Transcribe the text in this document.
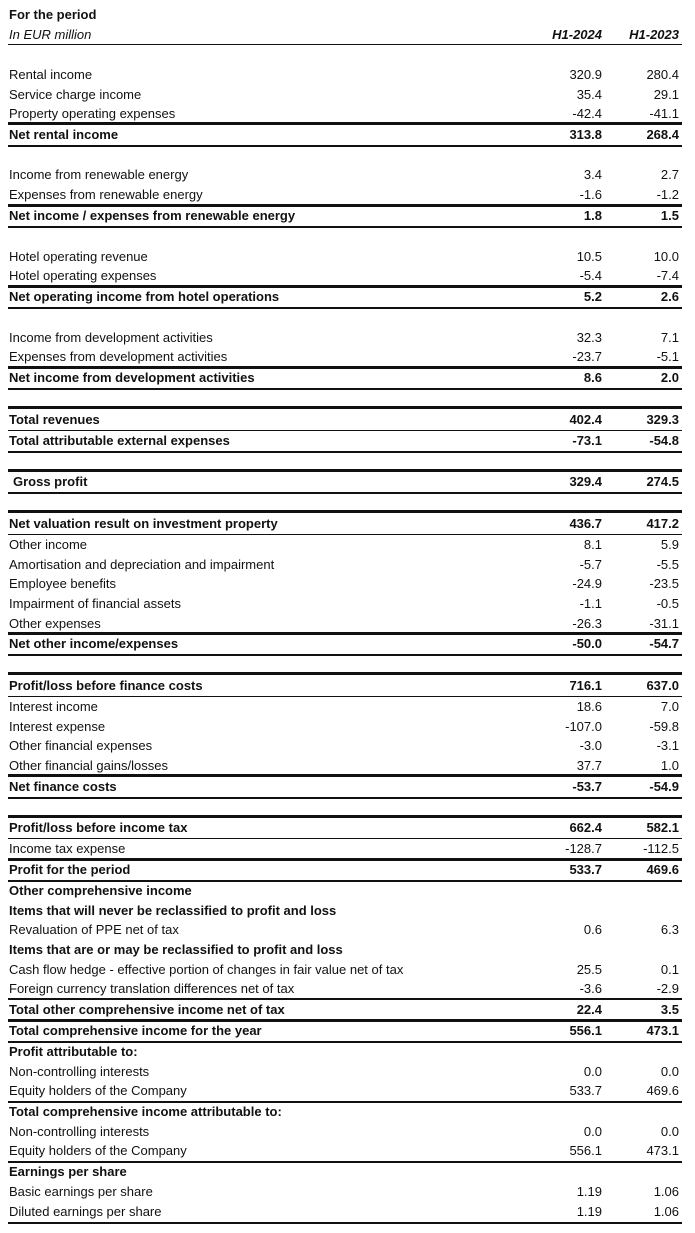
For the period
In EUR million	H1-2024	H1-2023
Rental income	320.9	280.4
Service charge income	35.4	29.1
Property operating expenses	-42.4	-41.1
Net rental income	313.8	268.4
Income from renewable energy	3.4	2.7
Expenses from renewable energy	-1.6	-1.2
Net income / expenses from renewable energy	1.8	1.5
Hotel operating revenue	10.5	10.0
Hotel operating expenses	-5.4	-7.4
Net operating income from hotel operations	5.2	2.6
Income from development activities	32.3	7.1
Expenses from development activities	-23.7	-5.1
Net income from development activities	8.6	2.0
Total revenues	402.4	329.3
Total attributable external expenses	-73.1	-54.8
Gross profit	329.4	274.5
Net valuation result on investment property	436.7	417.2
Other income	8.1	5.9
Amortisation and depreciation and impairment	-5.7	-5.5
Employee benefits	-24.9	-23.5
Impairment of financial assets	-1.1	-0.5
Other expenses	-26.3	-31.1
Net other income/expenses	-50.0	-54.7
Profit/loss before finance costs	716.1	637.0
Interest income	18.6	7.0
Interest expense	-107.0	-59.8
Other financial expenses	-3.0	-3.1
Other financial gains/losses	37.7	1.0
Net finance costs	-53.7	-54.9
Profit/loss before income tax	662.4	582.1
Income tax expense	-128.7	-112.5
Profit for the period	533.7	469.6
Other comprehensive income
Items that will never be reclassified to profit and loss
Revaluation of PPE net of tax	0.6	6.3
Items that are or may be reclassified to profit and loss
Cash flow hedge - effective portion of changes in fair value net of tax	25.5	0.1
Foreign currency translation differences net of tax	-3.6	-2.9
Total other comprehensive income net of tax	22.4	3.5
Total comprehensive income for the year	556.1	473.1
Profit attributable to:
Non-controlling interests	0.0	0.0
Equity holders of the Company	533.7	469.6
Total comprehensive income attributable to:
Non-controlling interests	0.0	0.0
Equity holders of the Company	556.1	473.1
Earnings per share
Basic earnings per share	1.19	1.06
Diluted earnings per share	1.19	1.06
